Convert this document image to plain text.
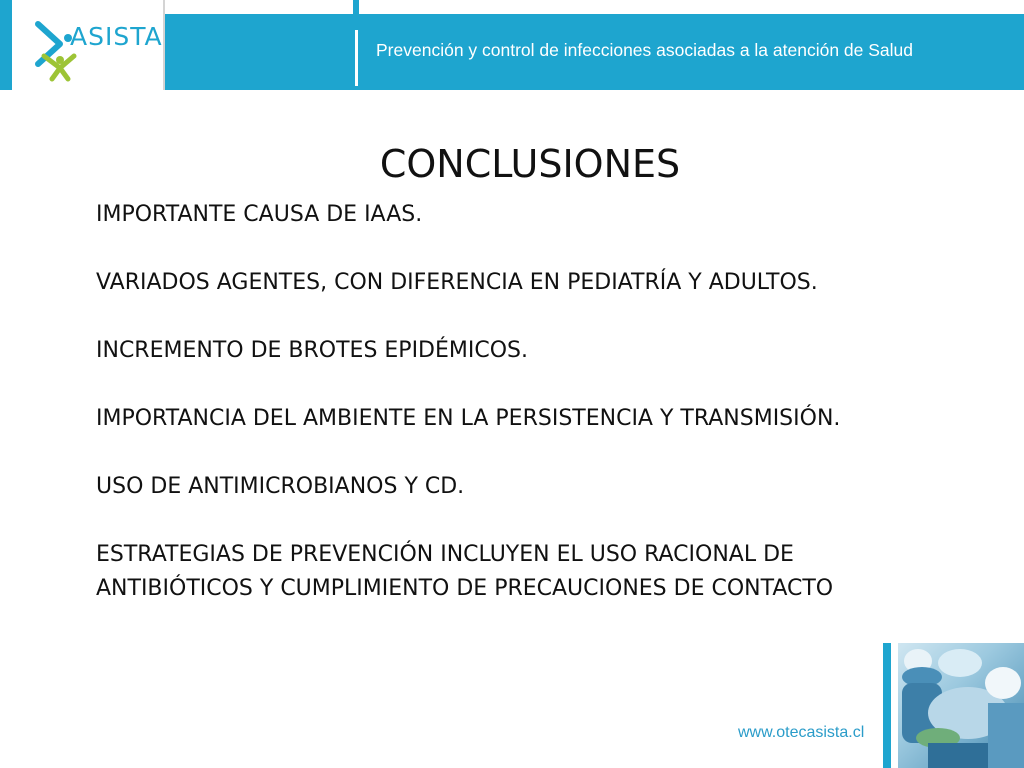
ASISTA	Prevención y control de infecciones asociadas a la atención de Salud
CONCLUSIONES

IMPORTANTE CAUSA DE IAAS.

VARIADOS AGENTES, CON DIFERENCIA EN PEDIATRÍA Y ADULTOS.

INCREMENTO DE BROTES EPIDÉMICOS.

IMPORTANCIA DEL AMBIENTE EN LA PERSISTENCIA Y TRANSMISIÓN.

USO DE ANTIMICROBIANOS Y CD.

ESTRATEGIAS DE PREVENCIÓN INCLUYEN EL USO RACIONAL DE ANTIBIÓTICOS Y CUMPLIMIENTO DE PRECAUCIONES DE CONTACTO

www.otecasista.cl
